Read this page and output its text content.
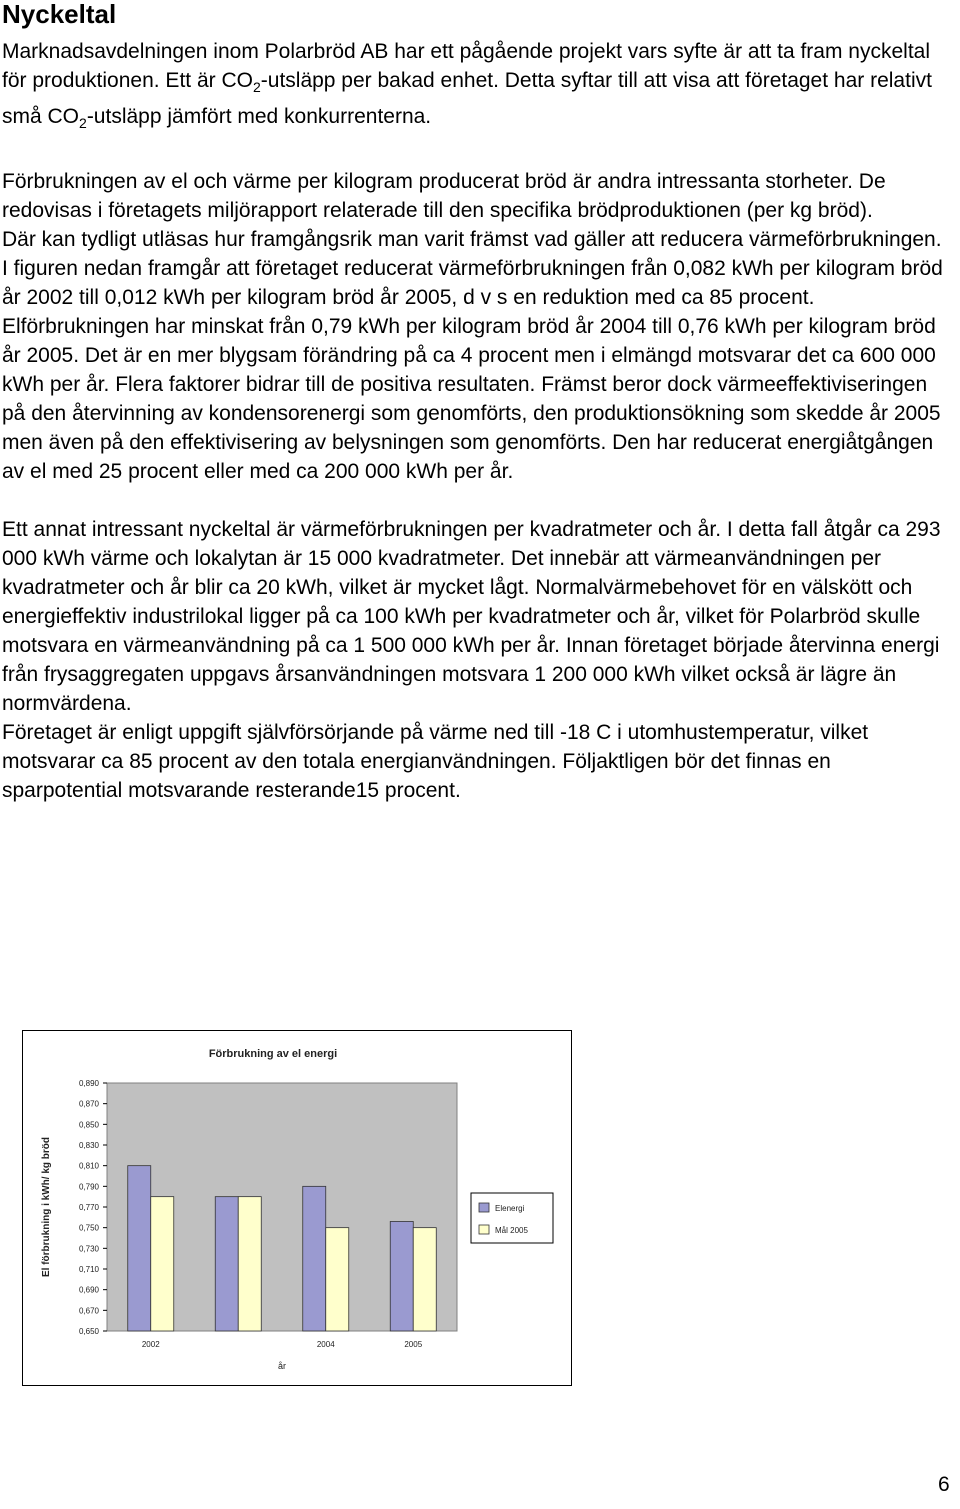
Nyckeltal

Marknadsavdelningen inom Polarbröd AB har ett pågående projekt vars syfte är att ta fram nyckeltal för produktionen. Ett är $CO_2$-utsläpp per bakad enhet. Detta syftar till att visa att företaget har relativt små $CO_2$-utsläpp jämfört med konkurrenterna.

Förbrukningen av el och värme per kilogram producerat bröd är andra intressanta storheter. De redovisas i företagets miljörapport relaterade till den specifika brödproduktionen (per kg bröd).

Där kan tydligt utläsas hur framgångsrik man varit främst vad gäller att reducera värmeförbrukningen. I figuren nedan framgår att företaget reducerat värmeförbrukningen från 0,082 kWh per kilogram bröd år 2002 till 0,012 kWh per kilogram bröd år 2005, d v s en reduktion med ca 85 procent. Elförbrukningen har minskat från 0,79 kWh per kilogram bröd år 2004 till 0,76 kWh per kilogram bröd år 2005. Det är en mer blygsam förändring på ca 4 procent men i elmängd motsvarar det ca 600 000 kWh per år. Flera faktorer bidrar till de positiva resultaten. Främst beror dock värmeeffektiviseringen på den återvinning av kondensorenergi som genomförts, den produktionsökning som skedde år 2005 men även på den effektivisering av belysningen som genomförts. Den har reducerat energiåtgången av el med 25 procent eller med ca 200 000 kWh per år.

Ett annat intressant nyckeltal är värmeförbrukningen per kvadratmeter och år. I detta fall åtgår ca 293 000 kWh värme och lokalytan är 15 000 kvadratmeter. Det innebär att värmeanvändningen per kvadratmeter och år blir ca 20 kWh, vilket är mycket lågt. Normalvärmebehovet för en välskött och energieffektiv industrilokal ligger på ca 100 kWh per kvadratmeter och år, vilket för Polarbröd skulle motsvara en värmeanvändning på ca 1 500 000 kWh per år. Innan företaget började återvinna energi från frysaggregaten uppgavs årsanvändningen motsvara 1 200 000 kWh vilket också är lägre än normvärdena.

Företaget är enligt uppgift självförsörjande på värme ned till -18 C i utomhustemperatur, vilket motsvarar ca 85 procent av den totala energianvändningen. Följaktligen bör det finnas en sparpotential motsvarande resterande15 procent.

Förbrukning av el energi
0,890
0,870
0,850
0,830
0,810
0,790
0,770
0,750
0,730
0,710
0,690
0,670
0,650
El förbrukning i kWh/ kg bröd
2002	2004	2005
år
Elenergi
Mål 2005
6
